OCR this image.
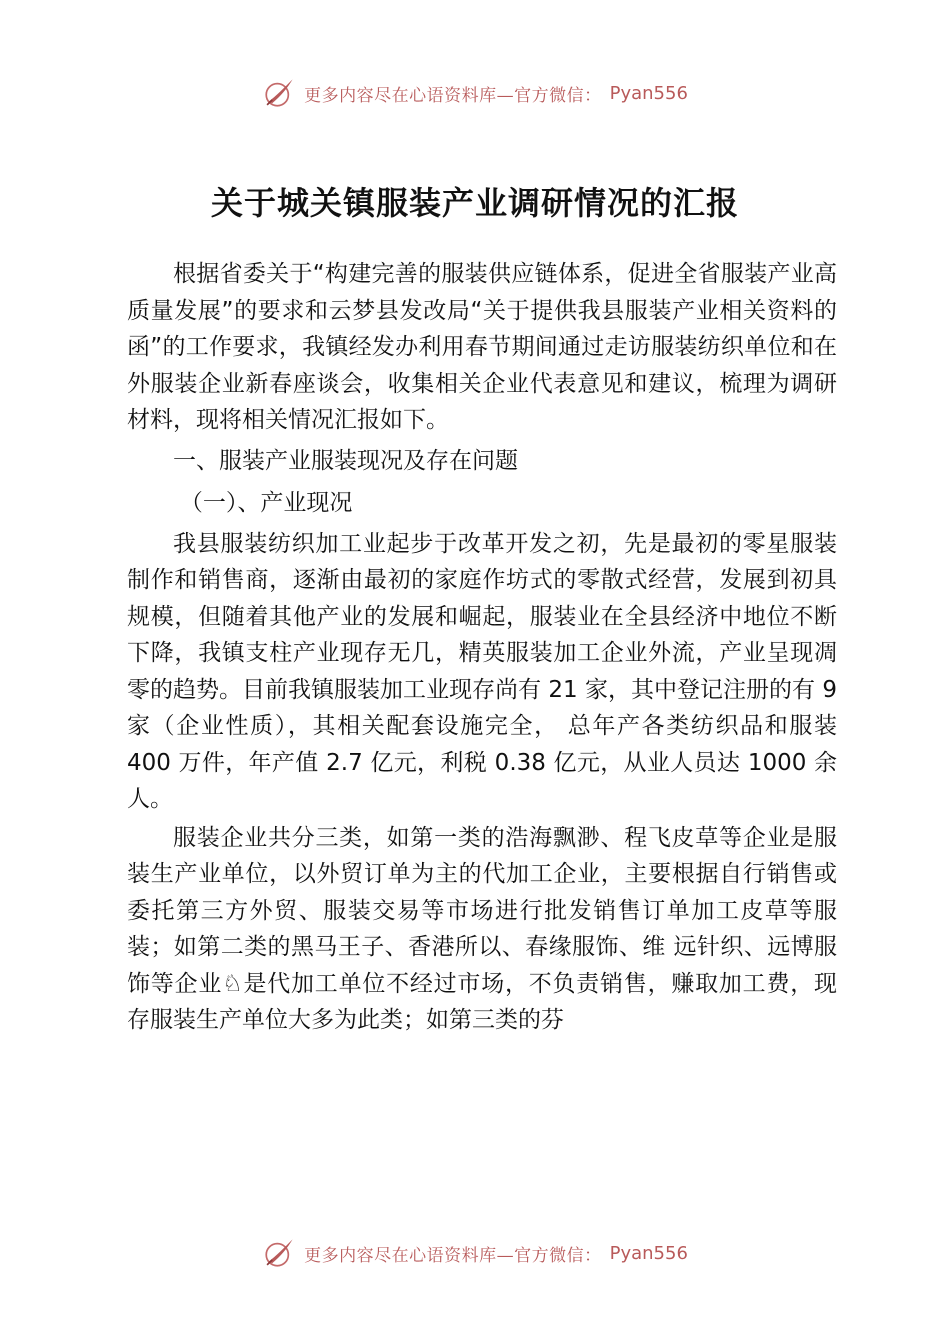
更多内容尽在心语资料库—官方微信： Pyan556
关于城关镇服装产业调研情况的汇报

根据省委关于“构建完善的服装供应链体系，促进全省服装产业高质量发展”的要求和云梦县发改局“关于提供我县服装产业相关资料的函”的工作要求，我镇经发办利用春节期间通过走访服装纺织单位和在外服装企业新春座谈会，收集相关企业代表意见和建议，梳理为调研材料，现将相关情况汇报如下。

一、服装产业服装现况及存在问题

（一）、产业现况

我县服装纺织加工业起步于改革开发之初，先是最初的零星服装制作和销售商，逐渐由最初的家庭作坊式的零散式经营，发展到初具规模，但随着其他产业的发展和崛起，服装业在全县经济中地位不断下降，我镇支柱产业现存无几，精英服装加工企业外流，产业呈现凋零的趋势。目前我镇服装加工业现存尚有 21 家，其中登记注册的有 9 家（企业性质），其相关配套设施完全， 总年产各类纺织品和服装 400 万件，年产值 2.7 亿元，利税 0.38 亿元，从业人员达 1000 余人。

服装企业共分三类，如第一类的浩海飘渺、程飞皮草等企业是服装生产业单位，以外贸订单为主的代加工企业，主要根据自行销售或委托第三方外贸、服装交易等市场进行批发销售订单加工皮草等服装；如第二类的黑马王子、香港所以、春缘服饰、维 远针织、远博服饰等企业♘是代加工单位不经过市场，不负责销售，赚取加工费，现存服装生产单位大多为此类；如第三类的芬

更多内容尽在心语资料库—官方微信： Pyan556
